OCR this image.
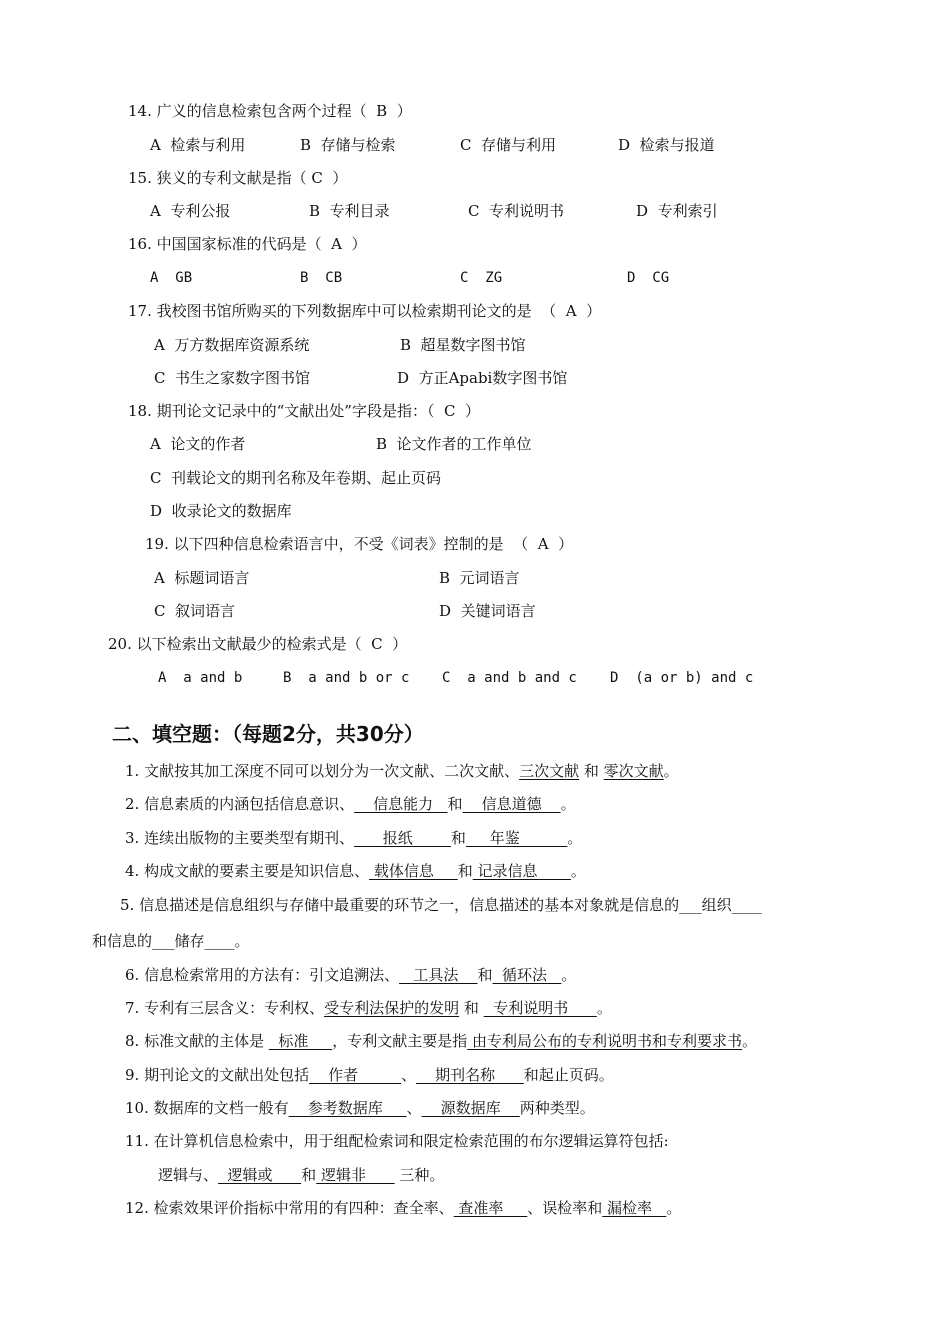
14. 广义的信息检索包含两个过程（  B  ）
A  检索与利用	B  存储与检索	C  存储与利用	D  检索与报道
15. 狭义的专利文献是指（ C  ）
A  专利公报	B  专利目录	C  专利说明书	D  专利索引
16. 中国国家标准的代码是（  A  ）
A  GB	B  CB	C  ZG	D  CG
17. 我校图书馆所购买的下列数据库中可以检索期刊论文的是  （  A  ）
A  万方数据库资源系统	B  超星数字图书馆
C  书生之家数字图书馆	D  方正Apabi数字图书馆
18. 期刊论文记录中的“文献出处”字段是指：（  C  ）
A  论文的作者	B  论文作者的工作单位
C  刊载论文的期刊名称及年卷期、起止页码
D  收录论文的数据库
19. 以下四种信息检索语言中，不受《词表》控制的是  （  A  ）
A  标题词语言	B  元词语言
C  叙词语言	D  关键词语言
20. 以下检索出文献最少的检索式是（  C  ）
A  a and b	B  a and b or c C  a and b and c D  (a or b) and c
二、填空题：（每题2分，共30分）
1. 文献按其加工深度不同可以划分为一次文献、二次文献、三次文献 和 零次文献。
2. 信息素质的内涵包括信息意识、    信息能力   和    信息道德    。
3. 连续出版物的主要类型有期刊、      报纸        和     年鉴          。
4. 构成文献的要素主要是知识信息、 载体信息     和 记录信息       。
5. 信息描述是信息组织与存储中最重要的环节之一，信息描述的基本对象就是信息的___组织____
和信息的___储存____。
6. 信息检索常用的方法有：引文追溯法、   工具法    和  循环法   。
7. 专利有三层含义：专利权、受专利法保护的发明 和   专利说明书      。
8. 标准文献的主体是   标准     ，专利文献主要是指 由专利局公布的专利说明书和专利要求书。
9. 期刊论文的文献出处包括    作者         、    期刊名称      和起止页码。
10. 数据库的文档一般有    参考数据库     、    源数据库    两种类型。
11. 在计算机信息检索中，用于组配检索词和限定检索范围的布尔逻辑运算符包括:
逻辑与、  逻辑或      和 逻辑非       三种。
12. 检索效果评价指标中常用的有四种：查全率、 查准率     、误检率和 漏检率   。
